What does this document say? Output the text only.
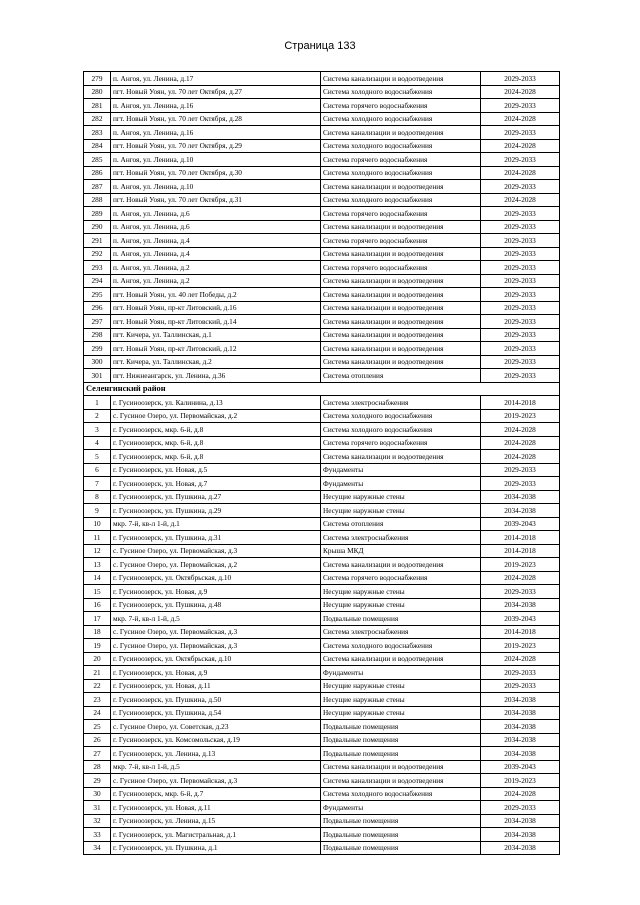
Страница 133
279	п. Ангоя, ул. Ленина, д.17	Система канализации и водоотведения	2029-2033
280	пгт. Новый Уоян, ул. 70 лет Октября, д.27	Система холодного водоснабжения	2024-2028
281	п. Ангоя, ул. Ленина, д.16	Система горячего водоснабжения	2029-2033
282	пгт. Новый Уоян, ул. 70 лет Октября, д.28	Система холодного водоснабжения	2024-2028
283	п. Ангоя, ул. Ленина, д.16	Система канализации и водоотведения	2029-2033
284	пгт. Новый Уоян, ул. 70 лет Октября, д.29	Система холодного водоснабжения	2024-2028
285	п. Ангоя, ул. Ленина, д.10	Система горячего водоснабжения	2029-2033
286	пгт. Новый Уоян, ул. 70 лет Октября, д.30	Система холодного водоснабжения	2024-2028
287	п. Ангоя, ул. Ленина, д.10	Система канализации и водоотведения	2029-2033
288	пгт. Новый Уоян, ул. 70 лет Октября, д.31	Система холодного водоснабжения	2024-2028
289	п. Ангоя, ул. Ленина, д.6	Система горячего водоснабжения	2029-2033
290	п. Ангоя, ул. Ленина, д.6	Система канализации и водоотведения	2029-2033
291	п. Ангоя, ул. Ленина, д.4	Система горячего водоснабжения	2029-2033
292	п. Ангоя, ул. Ленина, д.4	Система канализации и водоотведения	2029-2033
293	п. Ангоя, ул. Ленина, д.2	Система горячего водоснабжения	2029-2033
294	п. Ангоя, ул. Ленина, д.2	Система канализации и водоотведения	2029-2033
295	пгт. Новый Уоян, ул. 40 лет Победы, д.2	Система канализации и водоотведения	2029-2033
296	пгт. Новый Уоян, пр-кт Литовский, д.16	Система канализации и водоотведения	2029-2033
297	пгт. Новый Уоян, пр-кт Литовский, д.14	Система канализации и водоотведения	2029-2033
298	пгт. Кичера, ул. Таллинская, д.1	Система канализации и водоотведения	2029-2033
299	пгт. Новый Уоян, пр-кт Литовский, д.12	Система канализации и водоотведения	2029-2033
300	пгт. Кичера, ул. Таллинская, д.2	Система канализации и водоотведения	2029-2033
301	пгт. Нижнеангарск, ул. Ленина, д.36	Система отопления	2029-2033
Селенгинский район			
1	г. Гусиноозерск, ул. Калинина, д.13	Система электроснабжения	2014-2018
2	с. Гусиное Озеро, ул. Первомайская, д.2	Система холодного водоснабжения	2019-2023
3	г. Гусиноозерск, мкр. 6-й, д.8	Система холодного водоснабжения	2024-2028
4	г. Гусиноозерск, мкр. 6-й, д.8	Система горячего водоснабжения	2024-2028
5	г. Гусиноозерск, мкр. 6-й, д.8	Система канализации и водоотведения	2024-2028
6	г. Гусиноозерск, ул. Новая, д.5	Фундаменты	2029-2033
7	г. Гусиноозерск, ул. Новая, д.7	Фундаменты	2029-2033
8	г. Гусиноозерск, ул. Пушкина, д.27	Несущие наружные стены	2034-2038
9	г. Гусиноозерск, ул. Пушкина, д.29	Несущие наружные стены	2034-2038
10	мкр. 7-й, кв-л 1-й, д.1	Система отопления	2039-2043
11	г. Гусиноозерск, ул. Пушкина, д.31	Система электроснабжения	2014-2018
12	с. Гусиное Озеро, ул. Первомайская, д.3	Крыша МКД	2014-2018
13	с. Гусиное Озеро, ул. Первомайская, д.2	Система канализации и водоотведения	2019-2023
14	г. Гусиноозерск, ул. Октябрьская, д.10	Система горячего водоснабжения	2024-2028
15	г. Гусиноозерск, ул. Новая, д.9	Несущие наружные стены	2029-2033
16	г. Гусиноозерск, ул. Пушкина, д.48	Несущие наружные стены	2034-2038
17	мкр. 7-й, кв-л 1-й, д.5	Подвальные помещения	2039-2043
18	с. Гусиное Озеро, ул. Первомайская, д.3	Система электроснабжения	2014-2018
19	с. Гусиное Озеро, ул. Первомайская, д.3	Система холодного водоснабжения	2019-2023
20	г. Гусиноозерск, ул. Октябрьская, д.10	Система канализации и водоотведения	2024-2028
21	г. Гусиноозерск, ул. Новая, д.9	Фундаменты	2029-2033
22	г. Гусиноозерск, ул. Новая, д.11	Несущие наружные стены	2029-2033
23	г. Гусиноозерск, ул. Пушкина, д.50	Несущие наружные стены	2034-2038
24	г. Гусиноозерск, ул. Пушкина, д.54	Несущие наружные стены	2034-2038
25	с. Гусиное Озеро, ул. Советская, д.23	Подвальные помещения	2034-2038
26	г. Гусиноозерск, ул. Комсомольская, д.19	Подвальные помещения	2034-2038
27	г. Гусиноозерск, ул. Ленина, д.13	Подвальные помещения	2034-2038
28	мкр. 7-й, кв-л 1-й, д.5	Система канализации и водоотведения	2039-2043
29	с. Гусиное Озеро, ул. Первомайская, д.3	Система канализации и водоотведения	2019-2023
30	г. Гусиноозерск, мкр. 6-й, д.7	Система холодного водоснабжения	2024-2028
31	г. Гусиноозерск, ул. Новая, д.11	Фундаменты	2029-2033
32	г. Гусиноозерск, ул. Ленина, д.15	Подвальные помещения	2034-2038
33	г. Гусиноозерск, ул. Магистральная, д.1	Подвальные помещения	2034-2038
34	г. Гусиноозерск, ул. Пушкина, д.1	Подвальные помещения	2034-2038
